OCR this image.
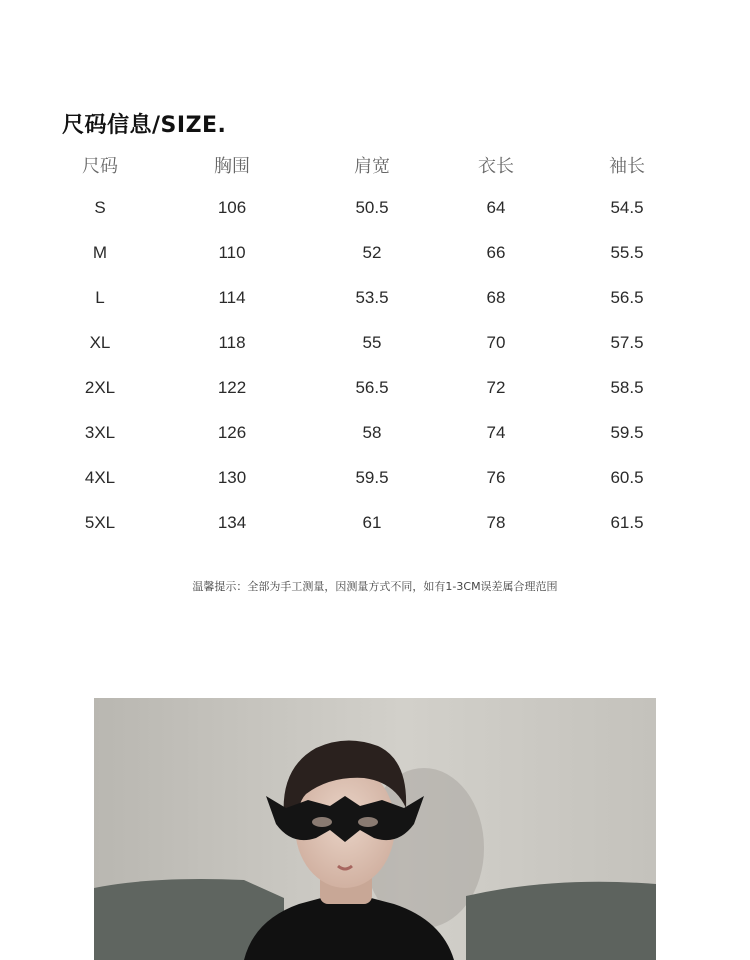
尺码信息/SIZE.
尺码	胸围	肩宽	衣长	袖长
S	106	50.5	64	54.5
M	110	52	66	55.5
L	114	53.5	68	56.5
XL	118	55	70	57.5
2XL	122	56.5	72	58.5
3XL	126	58	74	59.5
4XL	130	59.5	76	60.5
5XL	134	61	78	61.5
温馨提示：全部为手工测量，因测量方式不同，如有1-3CM误差属合理范围
